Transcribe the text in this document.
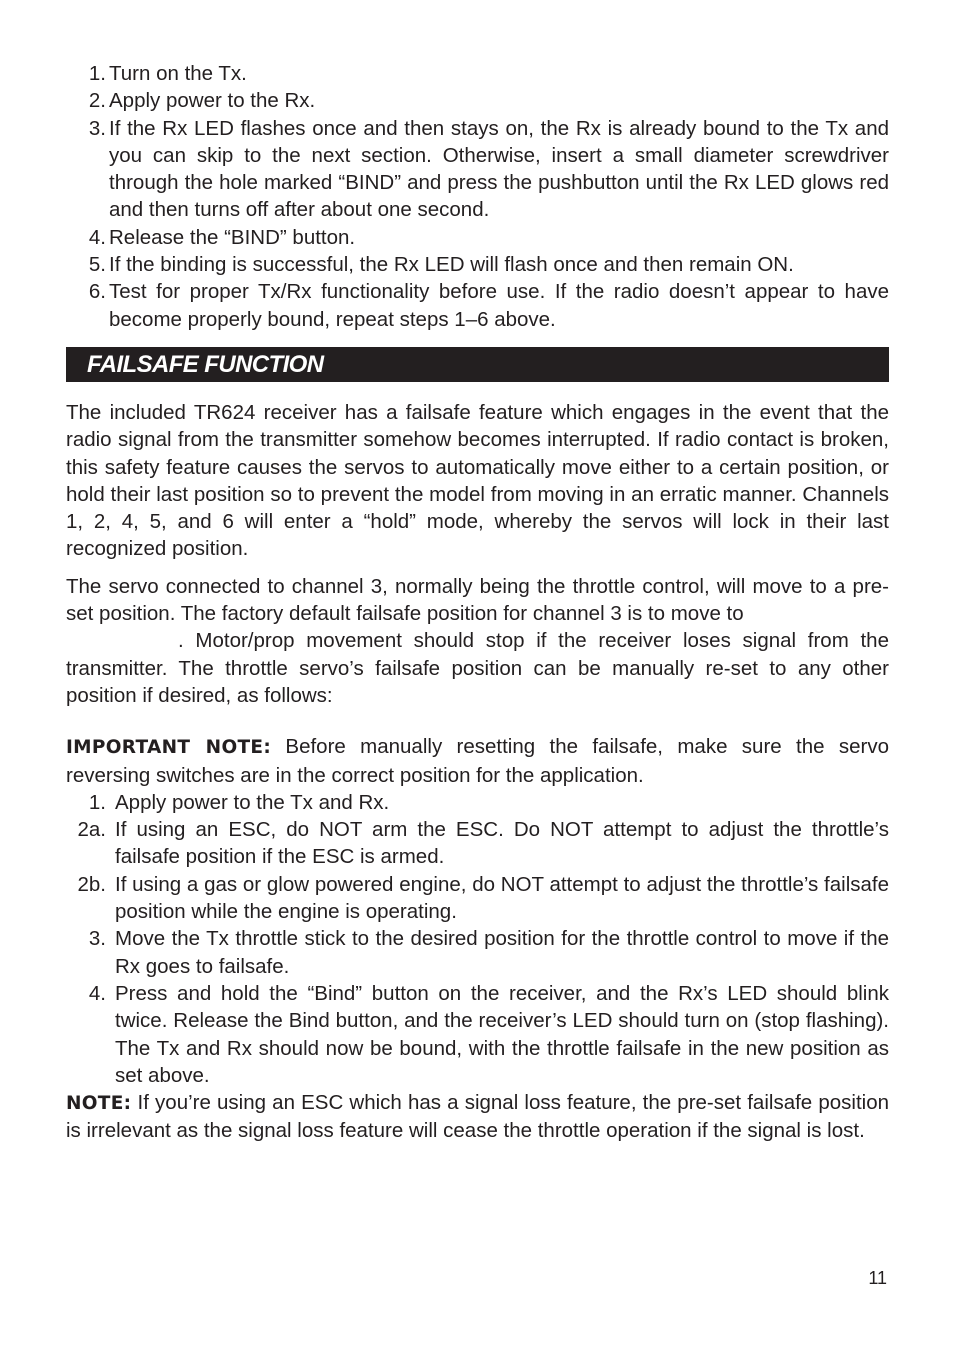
1. Turn on the Tx.
2. Apply power to the Rx.
3. If the Rx LED flashes once and then stays on, the Rx is already bound to the Tx and you can skip to the next section. Otherwise, insert a small diameter screwdriver through the hole marked “BIND” and press the pushbutton until the Rx LED glows red and then turns off after about one second.
4. Release the “BIND” button.
5. If the binding is successful, the Rx LED will flash once and then remain ON.
6. Test for proper Tx/Rx functionality before use. If the radio doesn’t appear to have become properly bound, repeat steps 1–6 above.
FAILSAFE FUNCTION

The included TR624 receiver has a failsafe feature which engages in the event that the radio signal from the transmitter somehow becomes interrupted. If radio contact is broken, this safety feature causes the servos to automatically move either to a certain position, or hold their last position so to prevent the model from moving in an erratic manner. Channels 1, 2, 4, 5, and 6 will enter a “hold” mode, whereby the servos will lock in their last recognized position.

The servo connected to channel 3, normally being the throttle control, will move to a pre-set position. The factory default failsafe position for channel 3 is to move to
. Motor/prop movement should stop if the receiver loses signal from the transmitter. The throttle servo’s failsafe position can be manually re-set to any other position if desired, as follows:

IMPORTANT NOTE: Before manually resetting the failsafe, make sure the servo reversing switches are in the correct position for the application.

1. Apply power to the Tx and Rx.
2a. If using an ESC, do NOT arm the ESC. Do NOT attempt to adjust the throttle’s failsafe position if the ESC is armed.
2b. If using a gas or glow powered engine, do NOT attempt to adjust the throttle’s failsafe position while the engine is operating.
3. Move the Tx throttle stick to the desired position for the throttle control to move if the Rx goes to failsafe.
4. Press and hold the “Bind” button on the receiver, and the Rx’s LED should blink twice. Release the Bind button, and the receiver’s LED should turn on (stop flashing). The Tx and Rx should now be bound, with the throttle failsafe in the new position as set above.

NOTE: If you’re using an ESC which has a signal loss feature, the pre-set failsafe position is irrelevant as the signal loss feature will cease the throttle operation if the signal is lost.

11
